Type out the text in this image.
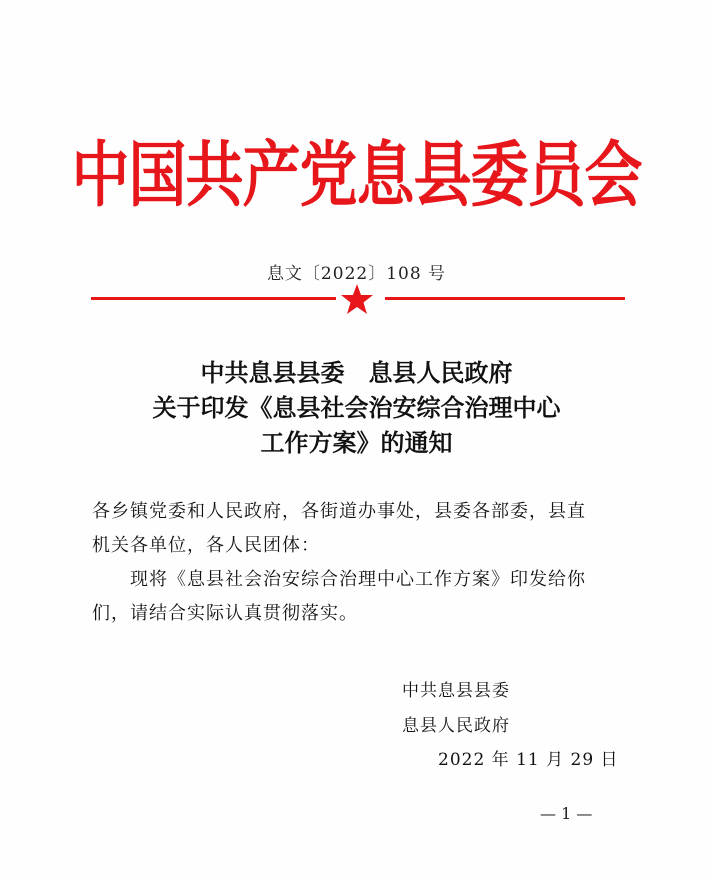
中国共产党息县委员会
息文〔2022〕108 号
中共息县县委　息县人民政府
关于印发《息县社会治安综合治理中心
工作方案》的通知
各乡镇党委和人民政府，各街道办事处，县委各部委，县直
机关各单位，各人民团体：
现将《息县社会治安综合治理中心工作方案》印发给你
们，请结合实际认真贯彻落实。
中共息县县委
息县人民政府
2022 年 11 月 29 日
— 1 —
